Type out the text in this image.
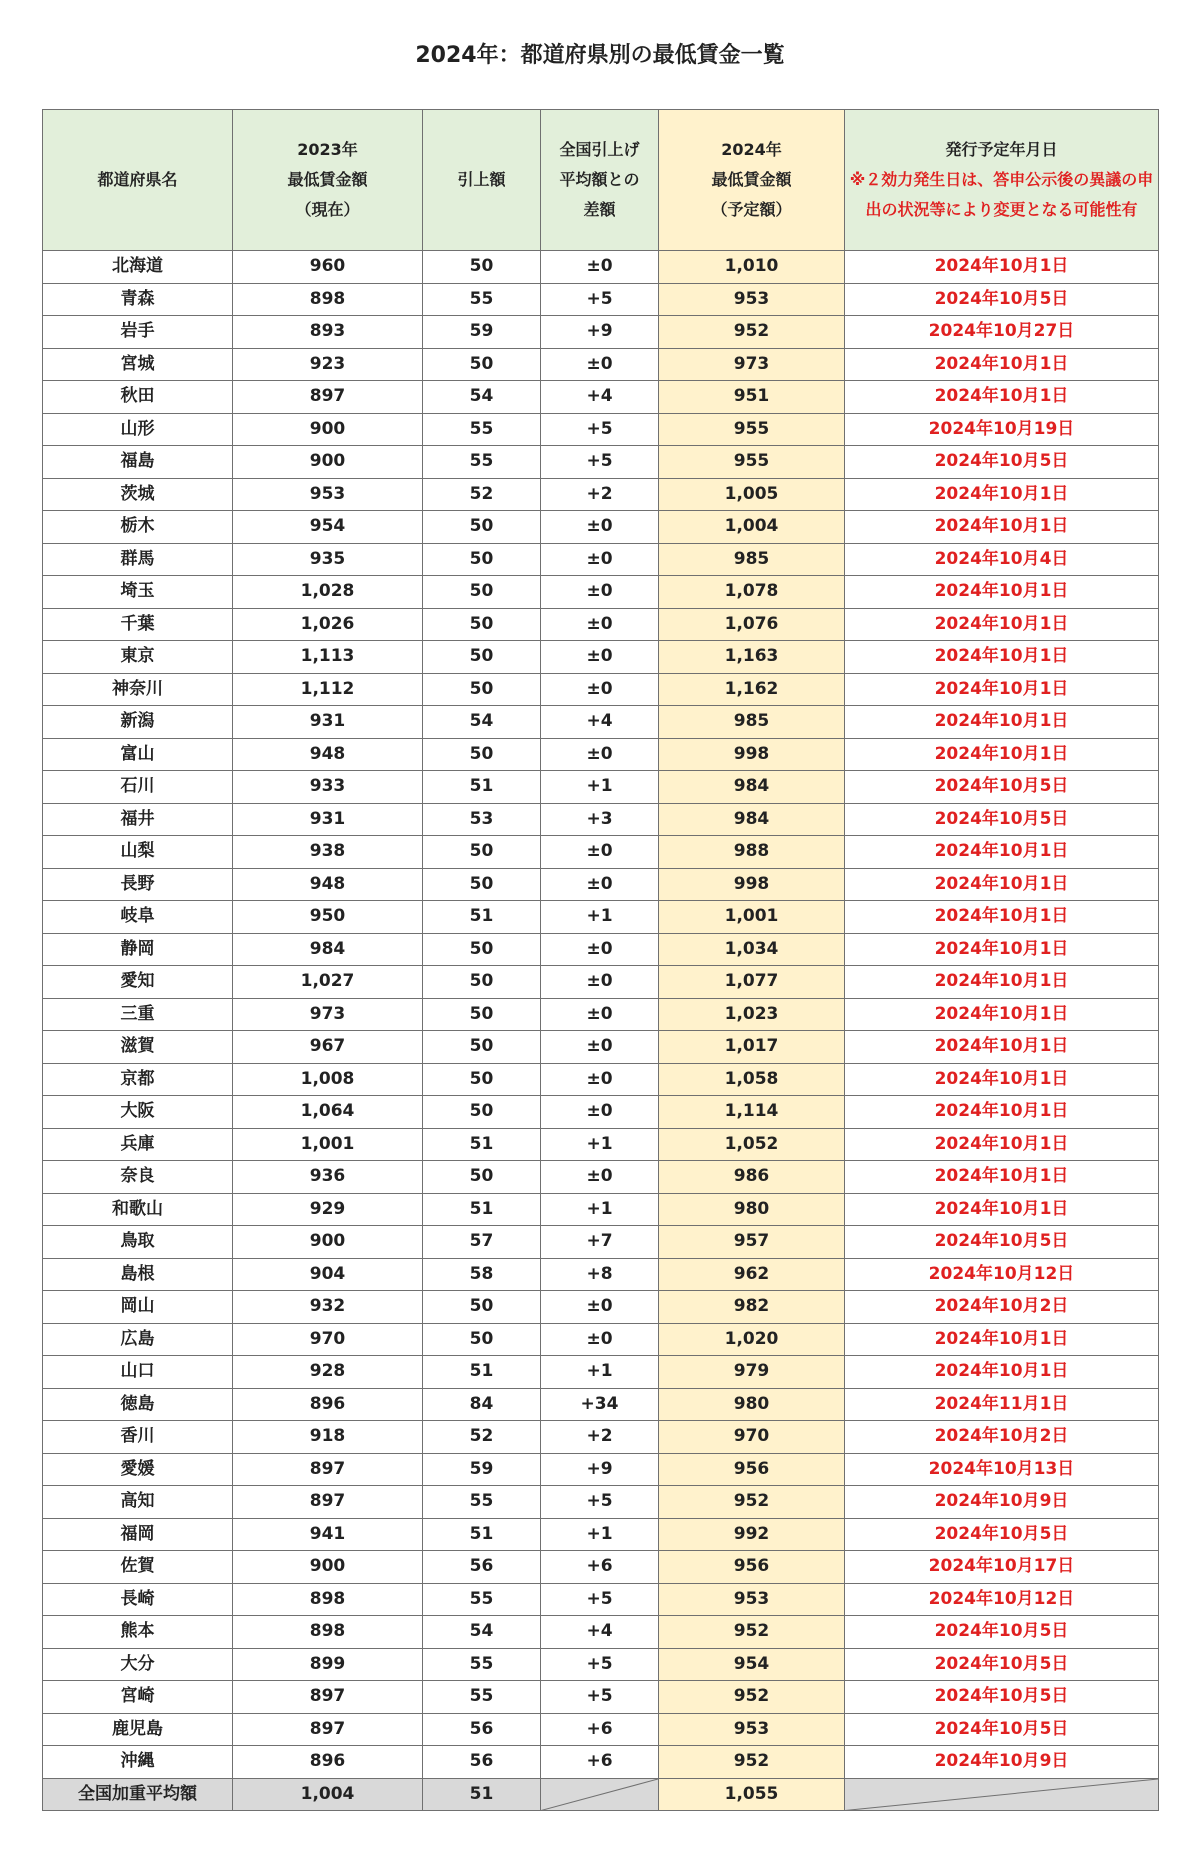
2024年：都道府県別の最低賃金一覧
都道府県名	2023年
最低賃金額
（現在）	引上額	全国引上げ
平均額との
差額	2024年
最低賃金額
（予定額）	発行予定年月日
※２効力発生日は、答申公示後の異議の申出の状況等により変更となる可能性有

北海道	960	50	±0	1,010	2024年10月1日
青森	898	55	+5	953	2024年10月5日
岩手	893	59	+9	952	2024年10月27日
宮城	923	50	±0	973	2024年10月1日
秋田	897	54	+4	951	2024年10月1日
山形	900	55	+5	955	2024年10月19日
福島	900	55	+5	955	2024年10月5日
茨城	953	52	+2	1,005	2024年10月1日
栃木	954	50	±0	1,004	2024年10月1日
群馬	935	50	±0	985	2024年10月4日
埼玉	1,028	50	±0	1,078	2024年10月1日
千葉	1,026	50	±0	1,076	2024年10月1日
東京	1,113	50	±0	1,163	2024年10月1日
神奈川	1,112	50	±0	1,162	2024年10月1日
新潟	931	54	+4	985	2024年10月1日
富山	948	50	±0	998	2024年10月1日
石川	933	51	+1	984	2024年10月5日
福井	931	53	+3	984	2024年10月5日
山梨	938	50	±0	988	2024年10月1日
長野	948	50	±0	998	2024年10月1日
岐阜	950	51	+1	1,001	2024年10月1日
静岡	984	50	±0	1,034	2024年10月1日
愛知	1,027	50	±0	1,077	2024年10月1日
三重	973	50	±0	1,023	2024年10月1日
滋賀	967	50	±0	1,017	2024年10月1日
京都	1,008	50	±0	1,058	2024年10月1日
大阪	1,064	50	±0	1,114	2024年10月1日
兵庫	1,001	51	+1	1,052	2024年10月1日
奈良	936	50	±0	986	2024年10月1日
和歌山	929	51	+1	980	2024年10月1日
鳥取	900	57	+7	957	2024年10月5日
島根	904	58	+8	962	2024年10月12日
岡山	932	50	±0	982	2024年10月2日
広島	970	50	±0	1,020	2024年10月1日
山口	928	51	+1	979	2024年10月1日
徳島	896	84	+34	980	2024年11月1日
香川	918	52	+2	970	2024年10月2日
愛媛	897	59	+9	956	2024年10月13日
高知	897	55	+5	952	2024年10月9日
福岡	941	51	+1	992	2024年10月5日
佐賀	900	56	+6	956	2024年10月17日
長崎	898	55	+5	953	2024年10月12日
熊本	898	54	+4	952	2024年10月5日
大分	899	55	+5	954	2024年10月5日
宮崎	897	55	+5	952	2024年10月5日
鹿児島	897	56	+6	953	2024年10月5日
沖縄	896	56	+6	952	2024年10月9日
全国加重平均額	1,004	51		1,055	
